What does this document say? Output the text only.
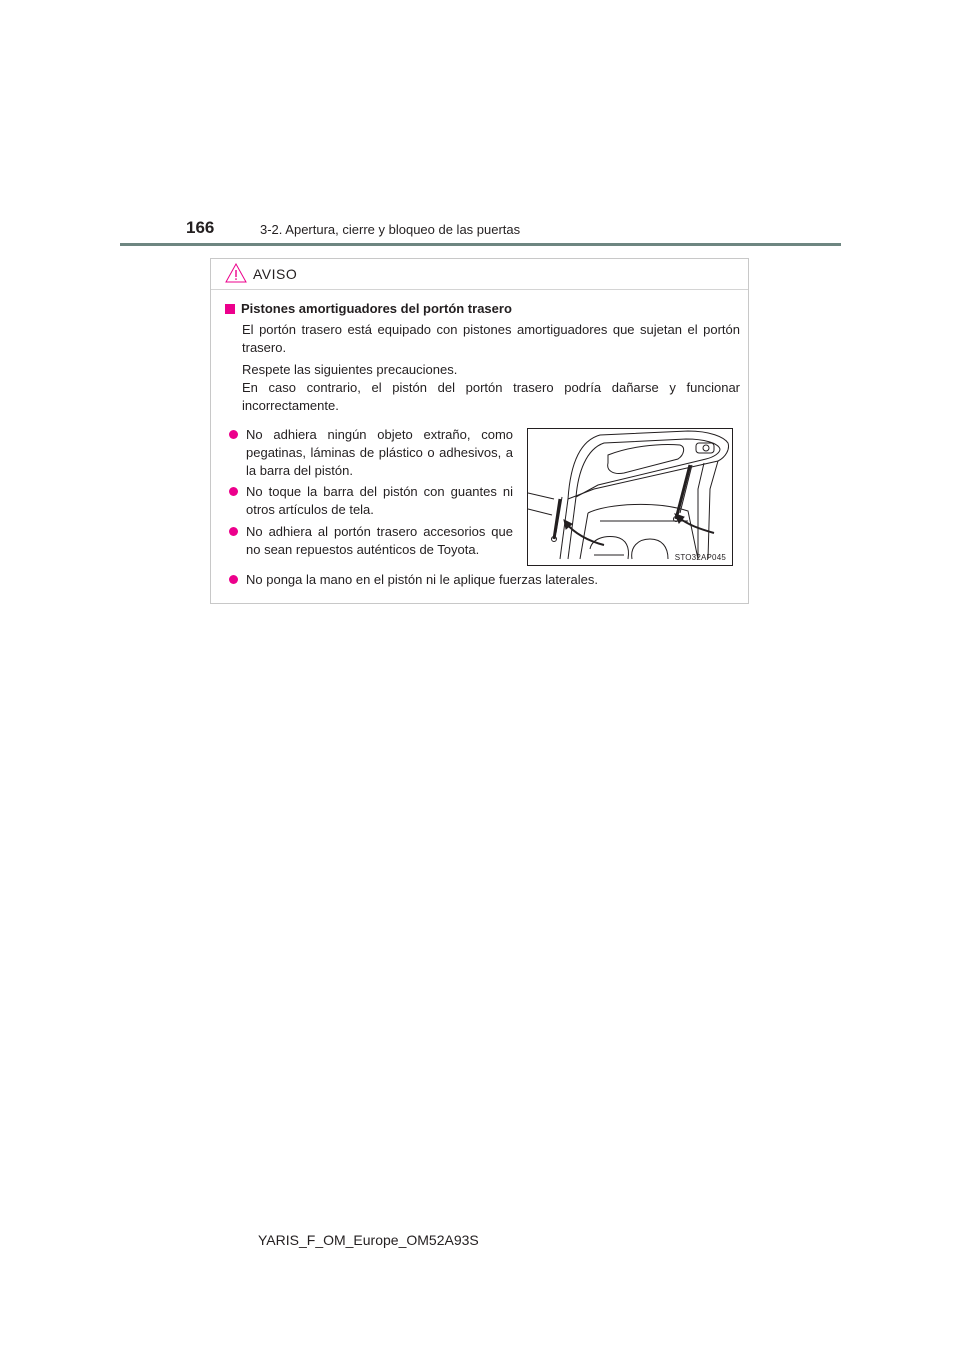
166	3-2. Apertura, cierre y bloqueo de las puertas
AVISO
Pistones amortiguadores del portón trasero

El portón trasero está equipado con pistones amortiguadores que sujetan el portón trasero.

Respete las siguientes precauciones.

En caso contrario, el pistón del portón trasero podría dañarse y funcionar incorrectamente.

No adhiera ningún objeto extraño, como pegatinas, láminas de plástico o adhesivos, a la barra del pistón.
No toque la barra del pistón con guantes ni otros artículos de tela.
No adhiera al portón trasero accesorios que no sean repuestos auténticos de Toyota.
STO32AP045
No ponga la mano en el pistón ni le aplique fuerzas laterales.
YARIS_F_OM_Europe_OM52A93S
